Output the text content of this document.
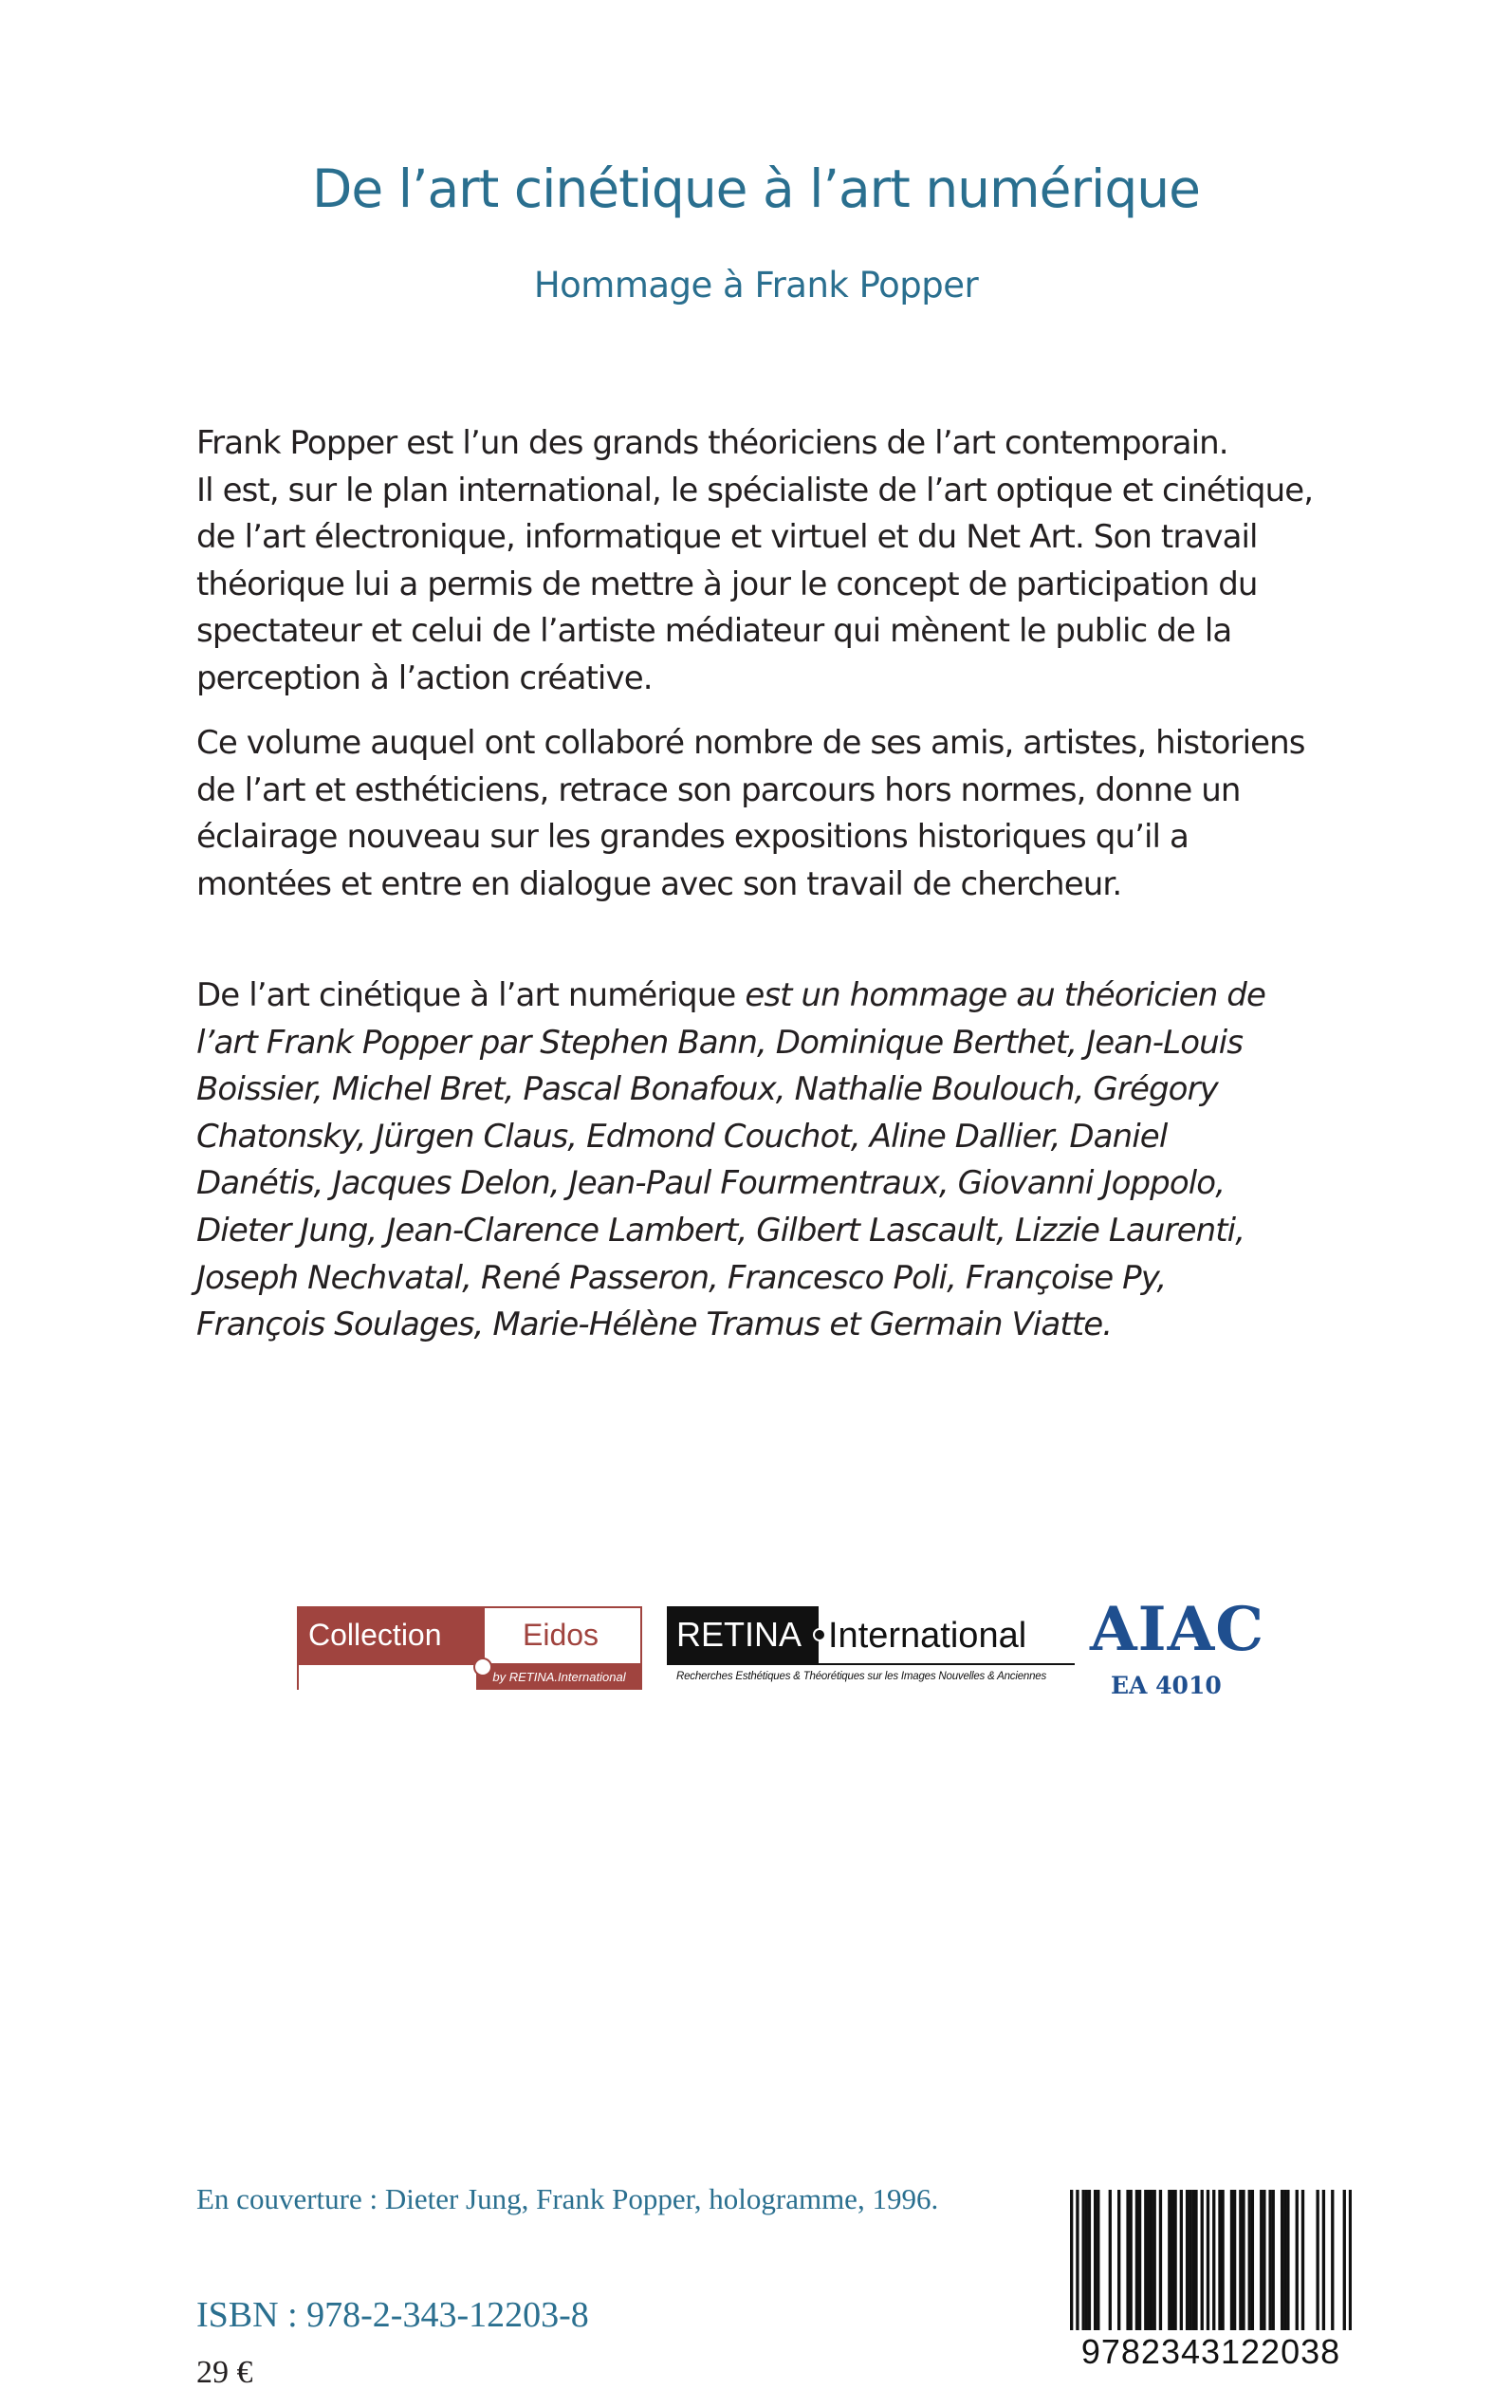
De l’art cinétique à l’art numérique
Hommage à Frank Popper
Frank Popper est l’un des grands théoriciens de l’art contemporain.
Il est, sur le plan international, le spécialiste de l’art optique et cinétique,
de l’art électronique, informatique et virtuel et du Net Art. Son travail
théorique lui a permis de mettre à jour le concept de participation du
spectateur et celui de l’artiste médiateur qui mènent le public de la
perception à l’action créative.
Ce volume auquel ont collaboré nombre de ses amis, artistes, historiens
de l’art et esthéticiens, retrace son parcours hors normes, donne un
éclairage nouveau sur les grandes expositions historiques qu’il a
montées et entre en dialogue avec son travail de chercheur.
De l’art cinétique à l’art numérique est un hommage au théoricien de
l’art Frank Popper par Stephen Bann, Dominique Berthet, Jean-Louis
Boissier, Michel Bret, Pascal Bonafoux, Nathalie Boulouch, Grégory
Chatonsky, Jürgen Claus, Edmond Couchot, Aline Dallier, Daniel
Danétis, Jacques Delon, Jean-Paul Fourmentraux, Giovanni Joppolo,
Dieter Jung, Jean-Clarence Lambert, Gilbert Lascault, Lizzie Laurenti,
Joseph Nechvatal, René Passeron, Francesco Poli, Françoise Py,
François Soulages, Marie-Hélène Tramus et Germain Viatte.
by RETINA.International
Collection	Eidos RETINA International
Recherches Esthétiques & Théorétiques sur les Images Nouvelles & Anciennes
AIAC
EA 4010
En couverture : Dieter Jung, Frank Popper, hologramme, 1996.
ISBN : 978-2-343-12203-8
29 €
9782343122038
